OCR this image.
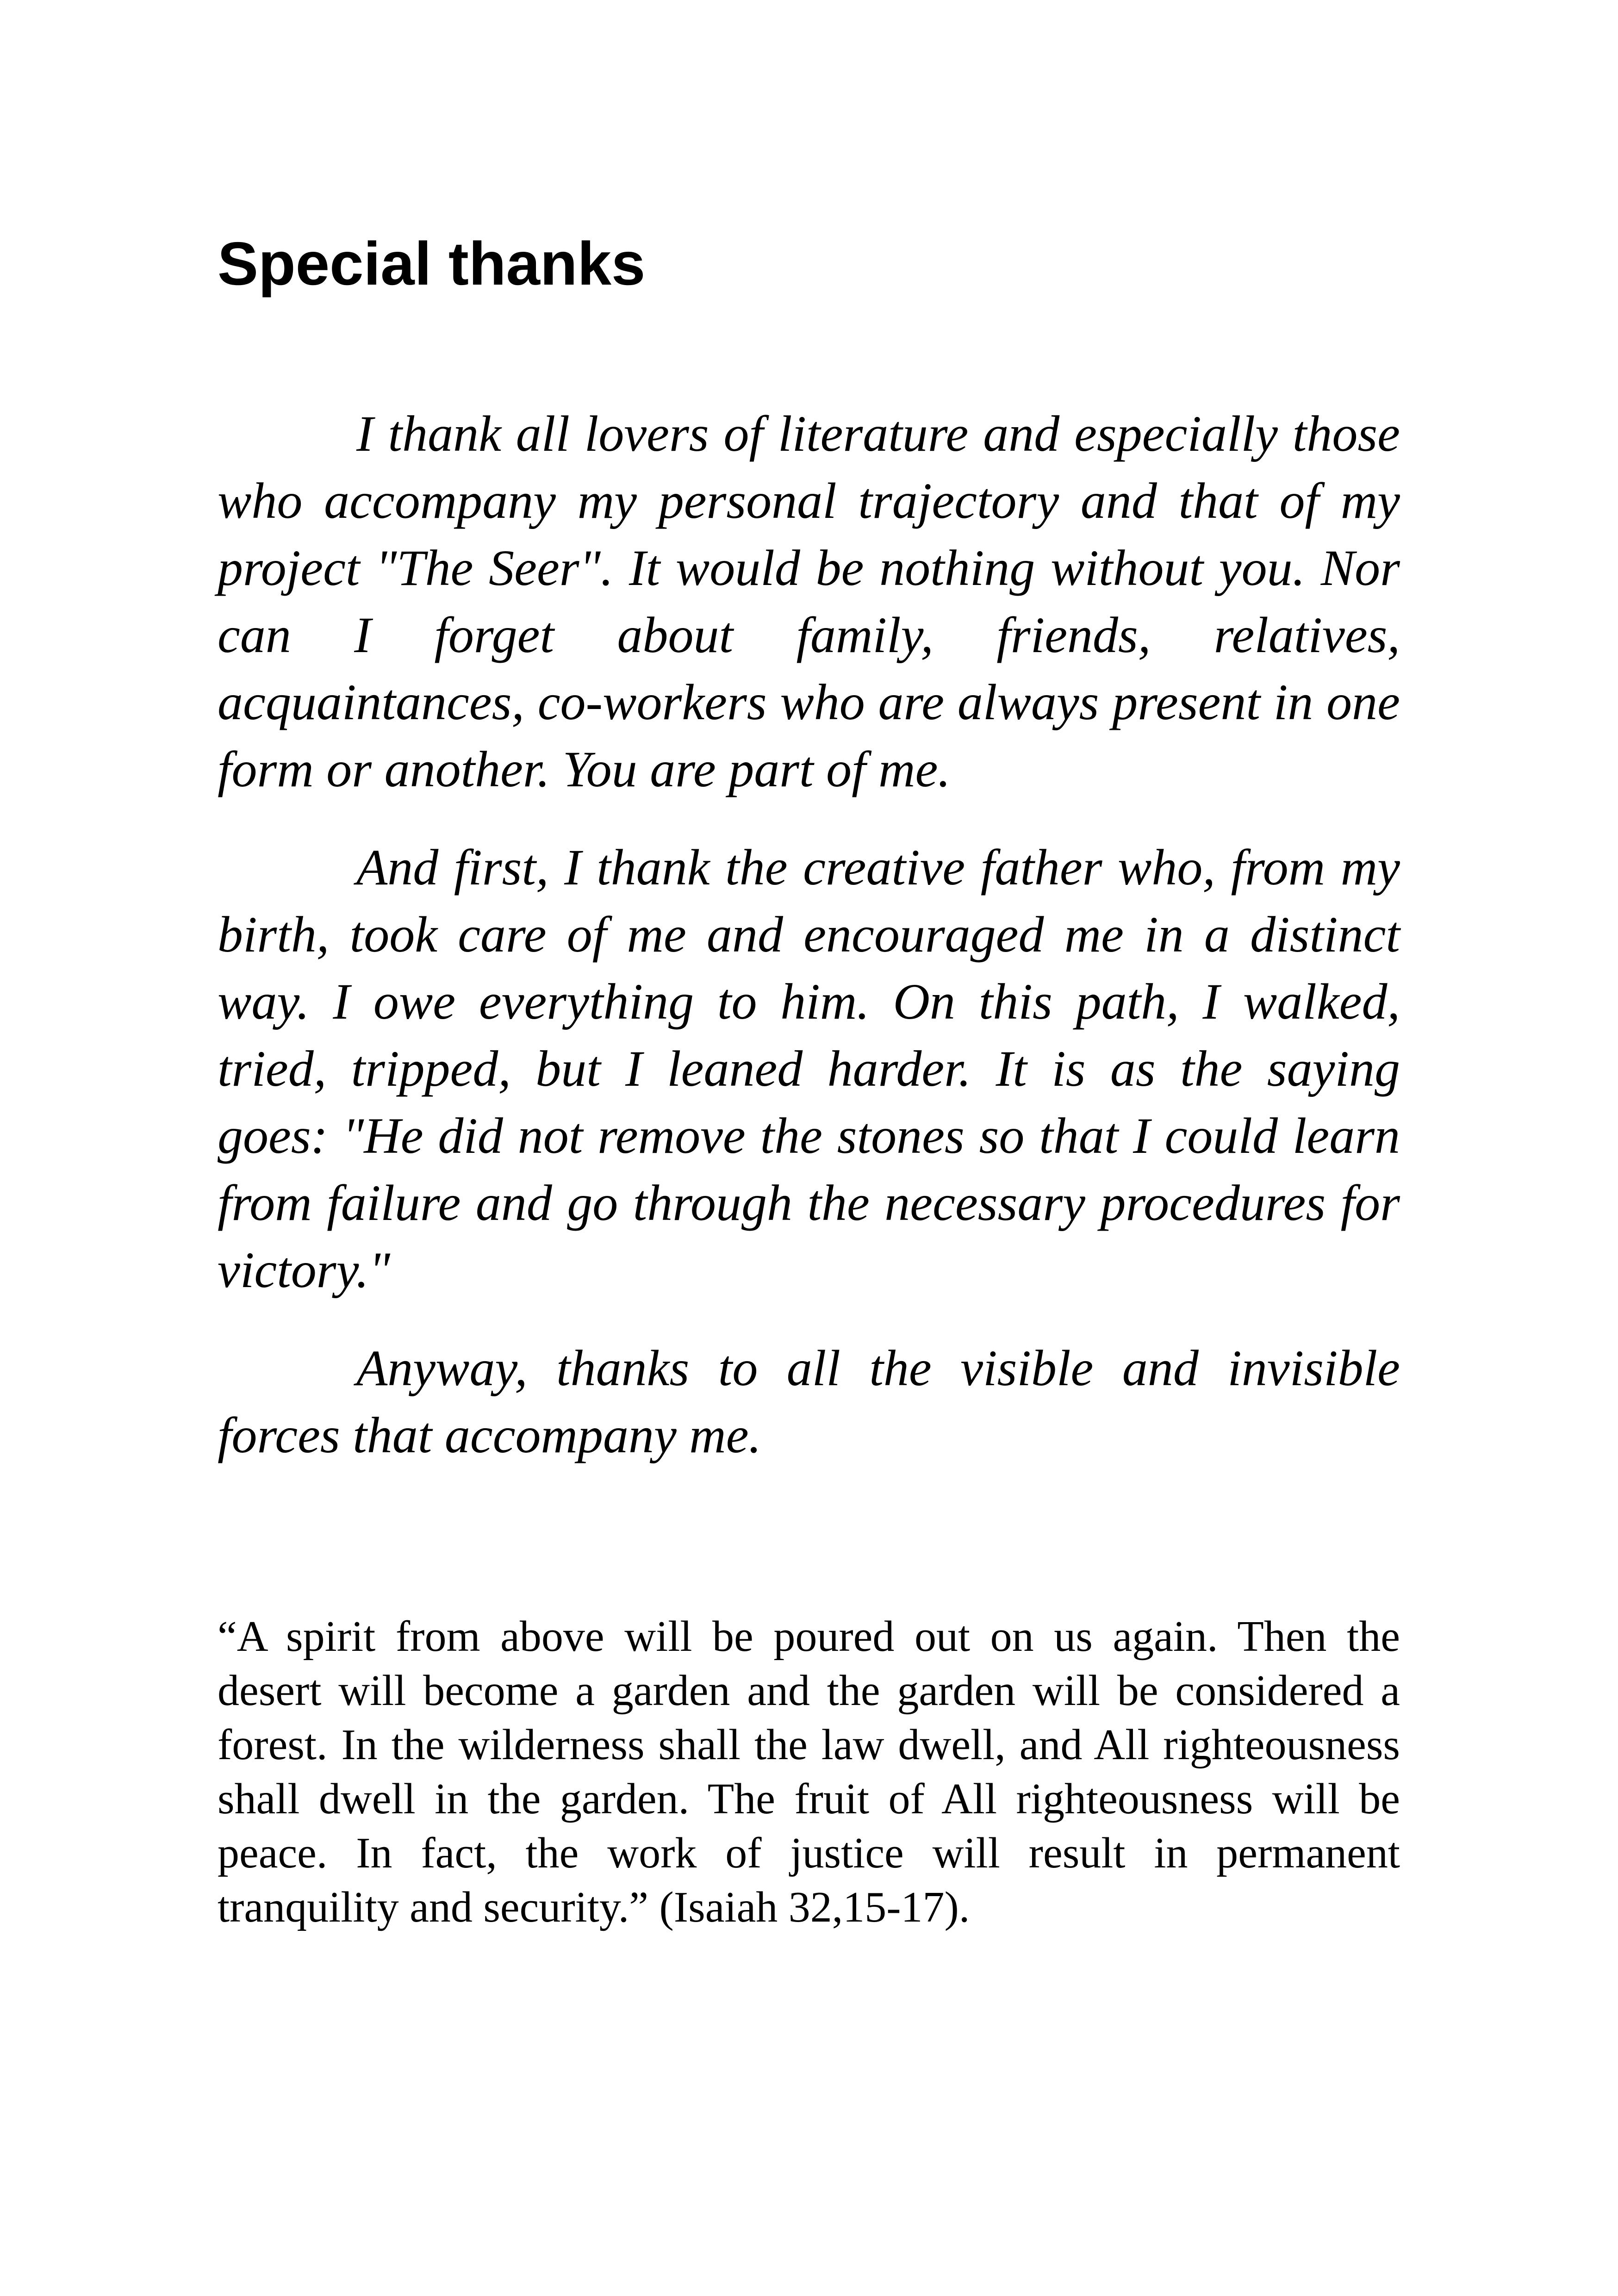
Special thanks

I thank all lovers of literature and especially those who accompany my personal trajectory and that of my project "The Seer". It would be nothing without you. Nor can I forget about family, friends, relatives, acquaintances, co-workers who are always present in one form or another. You are part of me.

And first, I thank the creative father who, from my birth, took care of me and encouraged me in a distinct way. I owe everything to him. On this path, I walked, tried, tripped, but I leaned harder. It is as the saying goes: "He did not remove the stones so that I could learn from failure and go through the necessary procedures for victory."

Anyway, thanks to all the visible and invisible forces that accompany me.

“A spirit from above will be poured out on us again. Then the desert will become a garden and the garden will be considered a forest. In the wilderness shall the law dwell, and All righteousness shall dwell in the garden. The fruit of All righteousness will be peace. In fact, the work of justice will result in permanent tranquility and security.” (Isaiah 32,15-17).
